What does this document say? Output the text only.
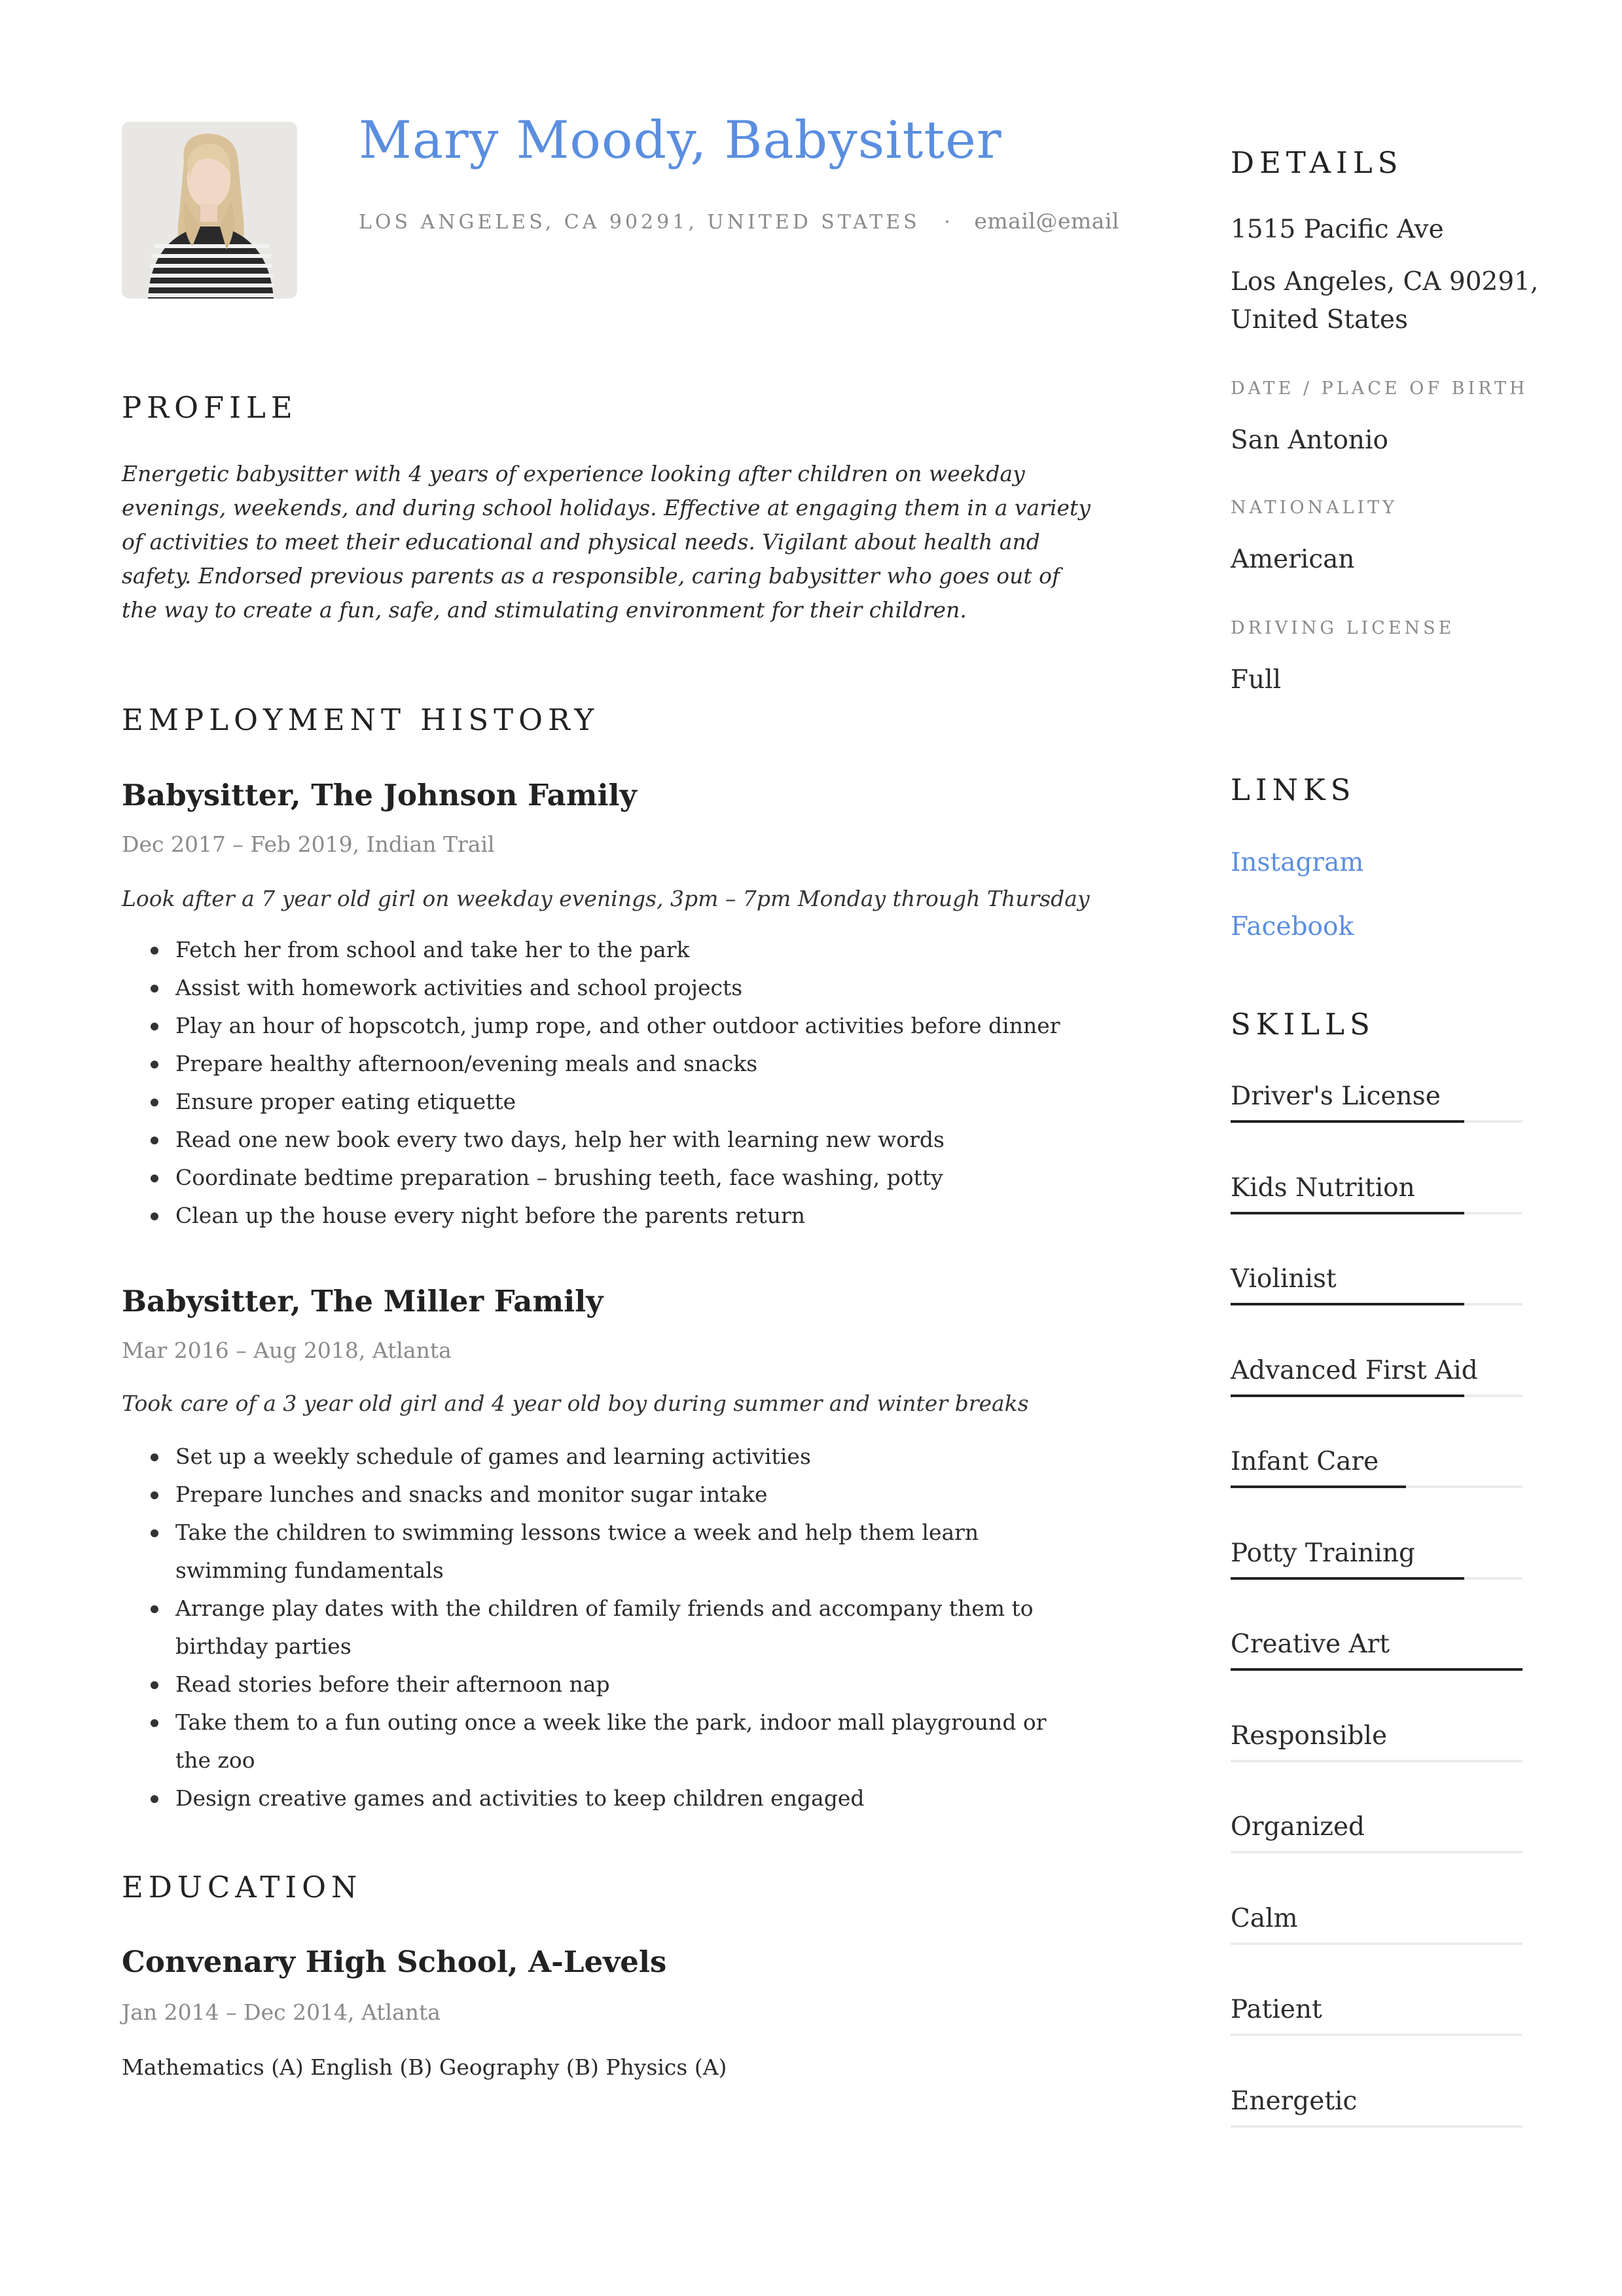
Mary Moody, Babysitter
LOS ANGELES, CA 90291, UNITED STATES · email@email
PROFILE

Energetic babysitter with 4 years of experience looking after children on weekday evenings, weekends, and during school holidays. Effective at engaging them in a variety of activities to meet their educational and physical needs. Vigilant about health and safety. Endorsed previous parents as a responsible, caring babysitter who goes out of the way to create a fun, safe, and stimulating environment for their children.

EMPLOYMENT HISTORY
Babysitter, The Johnson Family
Dec 2017 – Feb 2019, Indian Trail
Look after a 7 year old girl on weekday evenings, 3pm – 7pm Monday through Thursday
Fetch her from school and take her to the park
Assist with homework activities and school projects
Play an hour of hopscotch, jump rope, and other outdoor activities before dinner
Prepare healthy afternoon/evening meals and snacks
Ensure proper eating etiquette
Read one new book every two days, help her with learning new words
Coordinate bedtime preparation – brushing teeth, face washing, potty
Clean up the house every night before the parents return
Babysitter, The Miller Family
Mar 2016 – Aug 2018, Atlanta
Took care of a 3 year old girl and 4 year old boy during summer and winter breaks
Set up a weekly schedule of games and learning activities
Prepare lunches and snacks and monitor sugar intake
Take the children to swimming lessons twice a week and help them learn swimming fundamentals
Arrange play dates with the children of family friends and accompany them to birthday parties
Read stories before their afternoon nap
Take them to a fun outing once a week like the park, indoor mall playground or the zoo
Design creative games and activities to keep children engaged
EDUCATION
Convenary High School, A-Levels
Jan 2014 – Dec 2014, Atlanta
Mathematics (A) English (B) Geography (B) Physics (A)
DETAILS
1515 Pacific Ave
Los Angeles, CA 90291,
United States
DATE / PLACE OF BIRTH
San Antonio
NATIONALITY
American
DRIVING LICENSE
Full
LINKS
Instagram
Facebook
SKILLS
Driver's License
Kids Nutrition
Violinist
Advanced First Aid
Infant Care
Potty Training
Creative Art
Responsible
Organized
Calm
Patient
Energetic
